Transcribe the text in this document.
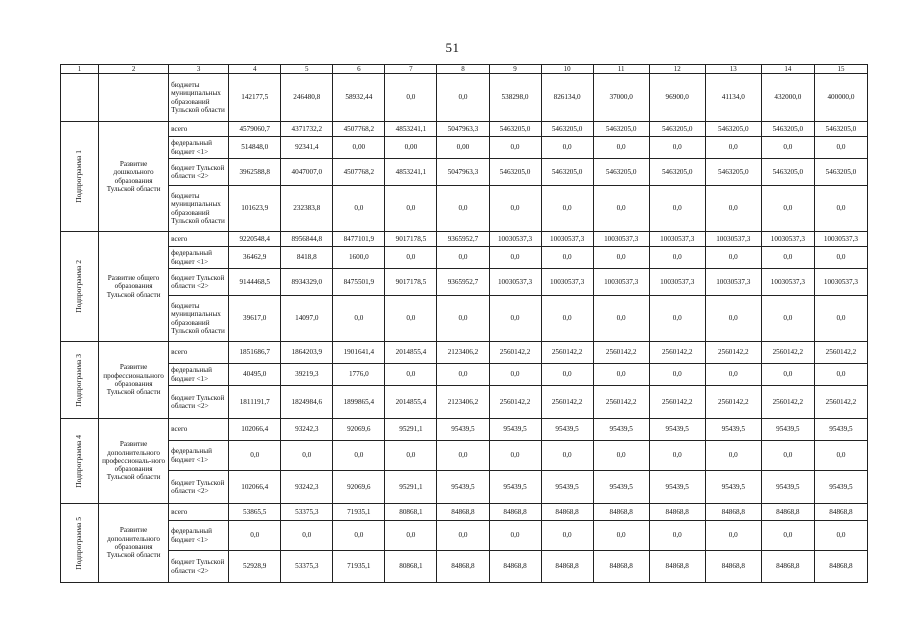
51
1	2	3	4	5	6	7	8	9	10	11	12	13	14	15
		бюджеты муниципальных образований Тульской области	142177,5	246480,8	58932,44	0,0	0,0	538298,0	826134,0	37000,0	96900,0	41134,0	432000,0	400000,0

Подпрограмма 1	Развитие дошкольного образования Тульской области	всего	4579060,7	4371732,2	4507768,2	4853241,1	5047963,3	5463205,0	5463205,0	5463205,0	5463205,0	5463205,0	5463205,0	5463205,0
		федеральный бюджет <1>	514848,0	92341,4	0,00	0,00	0,00	0,0	0,0	0,0	0,0	0,0	0,0	0,0
		бюджет Тульской области <2>	3962588,8	4047007,0	4507768,2	4853241,1	5047963,3	5463205,0	5463205,0	5463205,0	5463205,0	5463205,0	5463205,0	5463205,0
		бюджеты муниципальных образований Тульской области	101623,9	232383,8	0,0	0,0	0,0	0,0	0,0	0,0	0,0	0,0	0,0	0,0

Подпрограмма 2	Развитие общего образования Тульской области	всего	9220548,4	8956844,8	8477101,9	9017178,5	9365952,7	10030537,3	10030537,3	10030537,3	10030537,3	10030537,3	10030537,3	10030537,3
		федеральный бюджет <1>	36462,9	8418,8	1600,0	0,0	0,0	0,0	0,0	0,0	0,0	0,0	0,0	0,0
		бюджет Тульской области <2>	9144468,5	8934329,0	8475501,9	9017178,5	9365952,7	10030537,3	10030537,3	10030537,3	10030537,3	10030537,3	10030537,3	10030537,3
		бюджеты муниципальных образований Тульской области	39617,0	14097,0	0,0	0,0	0,0	0,0	0,0	0,0	0,0	0,0	0,0	0,0

Подпрограмма 3	Развитие профессионального образования Тульской области	всего	1851686,7	1864203,9	1901641,4	2014855,4	2123406,2	2560142,2	2560142,2	2560142,2	2560142,2	2560142,2	2560142,2	2560142,2
		федеральный бюджет <1>	40495,0	39219,3	1776,0	0,0	0,0	0,0	0,0	0,0	0,0	0,0	0,0	0,0
		бюджет Тульской области <2>	1811191,7	1824984,6	1899865,4	2014855,4	2123406,2	2560142,2	2560142,2	2560142,2	2560142,2	2560142,2	2560142,2	2560142,2

Подпрограмма 4	Развитие дополнительного профессиональ-ного образования Тульской области	всего	102066,4	93242,3	92069,6	95291,1	95439,5	95439,5	95439,5	95439,5	95439,5	95439,5	95439,5	95439,5
		федеральный бюджет <1>	0,0	0,0	0,0	0,0	0,0	0,0	0,0	0,0	0,0	0,0	0,0	0,0
		бюджет Тульской области <2>	102066,4	93242,3	92069,6	95291,1	95439,5	95439,5	95439,5	95439,5	95439,5	95439,5	95439,5	95439,5

Подпрограмма 5	Развитие дополнительного образования Тульской области	всего	53865,5	53375,3	71935,1	80868,1	84868,8	84868,8	84868,8	84868,8	84868,8	84868,8	84868,8	84868,8
		федеральный бюджет <1>	0,0	0,0	0,0	0,0	0,0	0,0	0,0	0,0	0,0	0,0	0,0	0,0
		бюджет Тульской области <2>	52928,9	53375,3	71935,1	80868,1	84868,8	84868,8	84868,8	84868,8	84868,8	84868,8	84868,8	84868,8
